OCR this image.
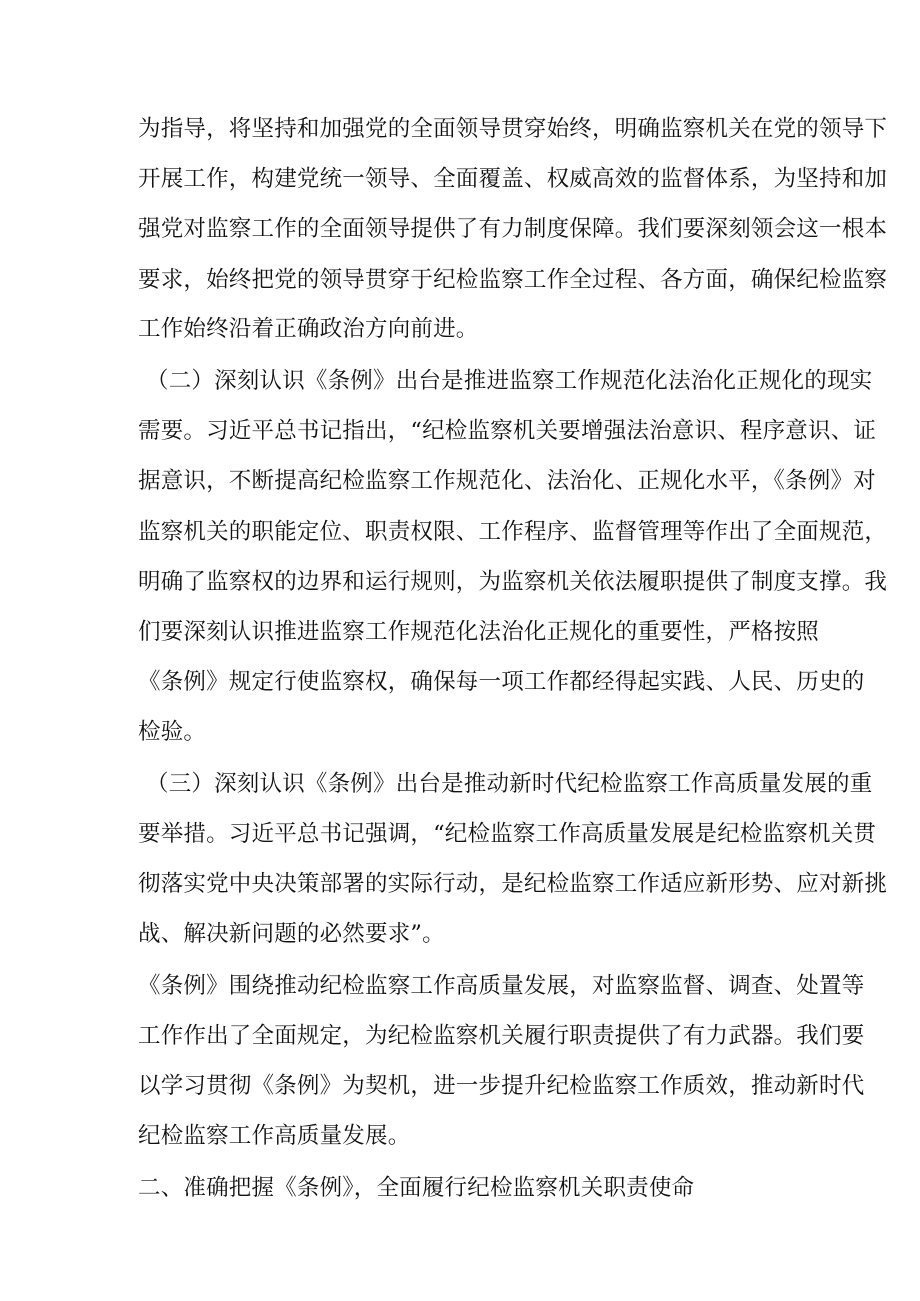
为指导，将坚持和加强党的全面领导贯穿始终，明确监察机关在党的领导下

开展工作，构建党统一领导、全面覆盖、权威高效的监督体系，为坚持和加

强党对监察工作的全面领导提供了有力制度保障。我们要深刻领会这一根本

要求，始终把党的领导贯穿于纪检监察工作全过程、各方面，确保纪检监察

工作始终沿着正确政治方向前进。

（二）深刻认识《条例》出台是推进监察工作规范化法治化正规化的现实

需要。习近平总书记指出，“纪检监察机关要增强法治意识、程序意识、证

据意识，不断提高纪检监察工作规范化、法治化、正规化水平，《条例》对

监察机关的职能定位、职责权限、工作程序、监督管理等作出了全面规范，

明确了监察权的边界和运行规则，为监察机关依法履职提供了制度支撑。我

们要深刻认识推进监察工作规范化法治化正规化的重要性，严格按照

《条例》规定行使监察权，确保每一项工作都经得起实践、人民、历史的

检验。

（三）深刻认识《条例》出台是推动新时代纪检监察工作高质量发展的重

要举措。习近平总书记强调，“纪检监察工作高质量发展是纪检监察机关贯

彻落实党中央决策部署的实际行动，是纪检监察工作适应新形势、应对新挑

战、解决新问题的必然要求”。

《条例》围绕推动纪检监察工作高质量发展，对监察监督、调查、处置等

工作作出了全面规定，为纪检监察机关履行职责提供了有力武器。我们要

以学习贯彻《条例》为契机，进一步提升纪检监察工作质效，推动新时代

纪检监察工作高质量发展。

二、准确把握《条例》，全面履行纪检监察机关职责使命
